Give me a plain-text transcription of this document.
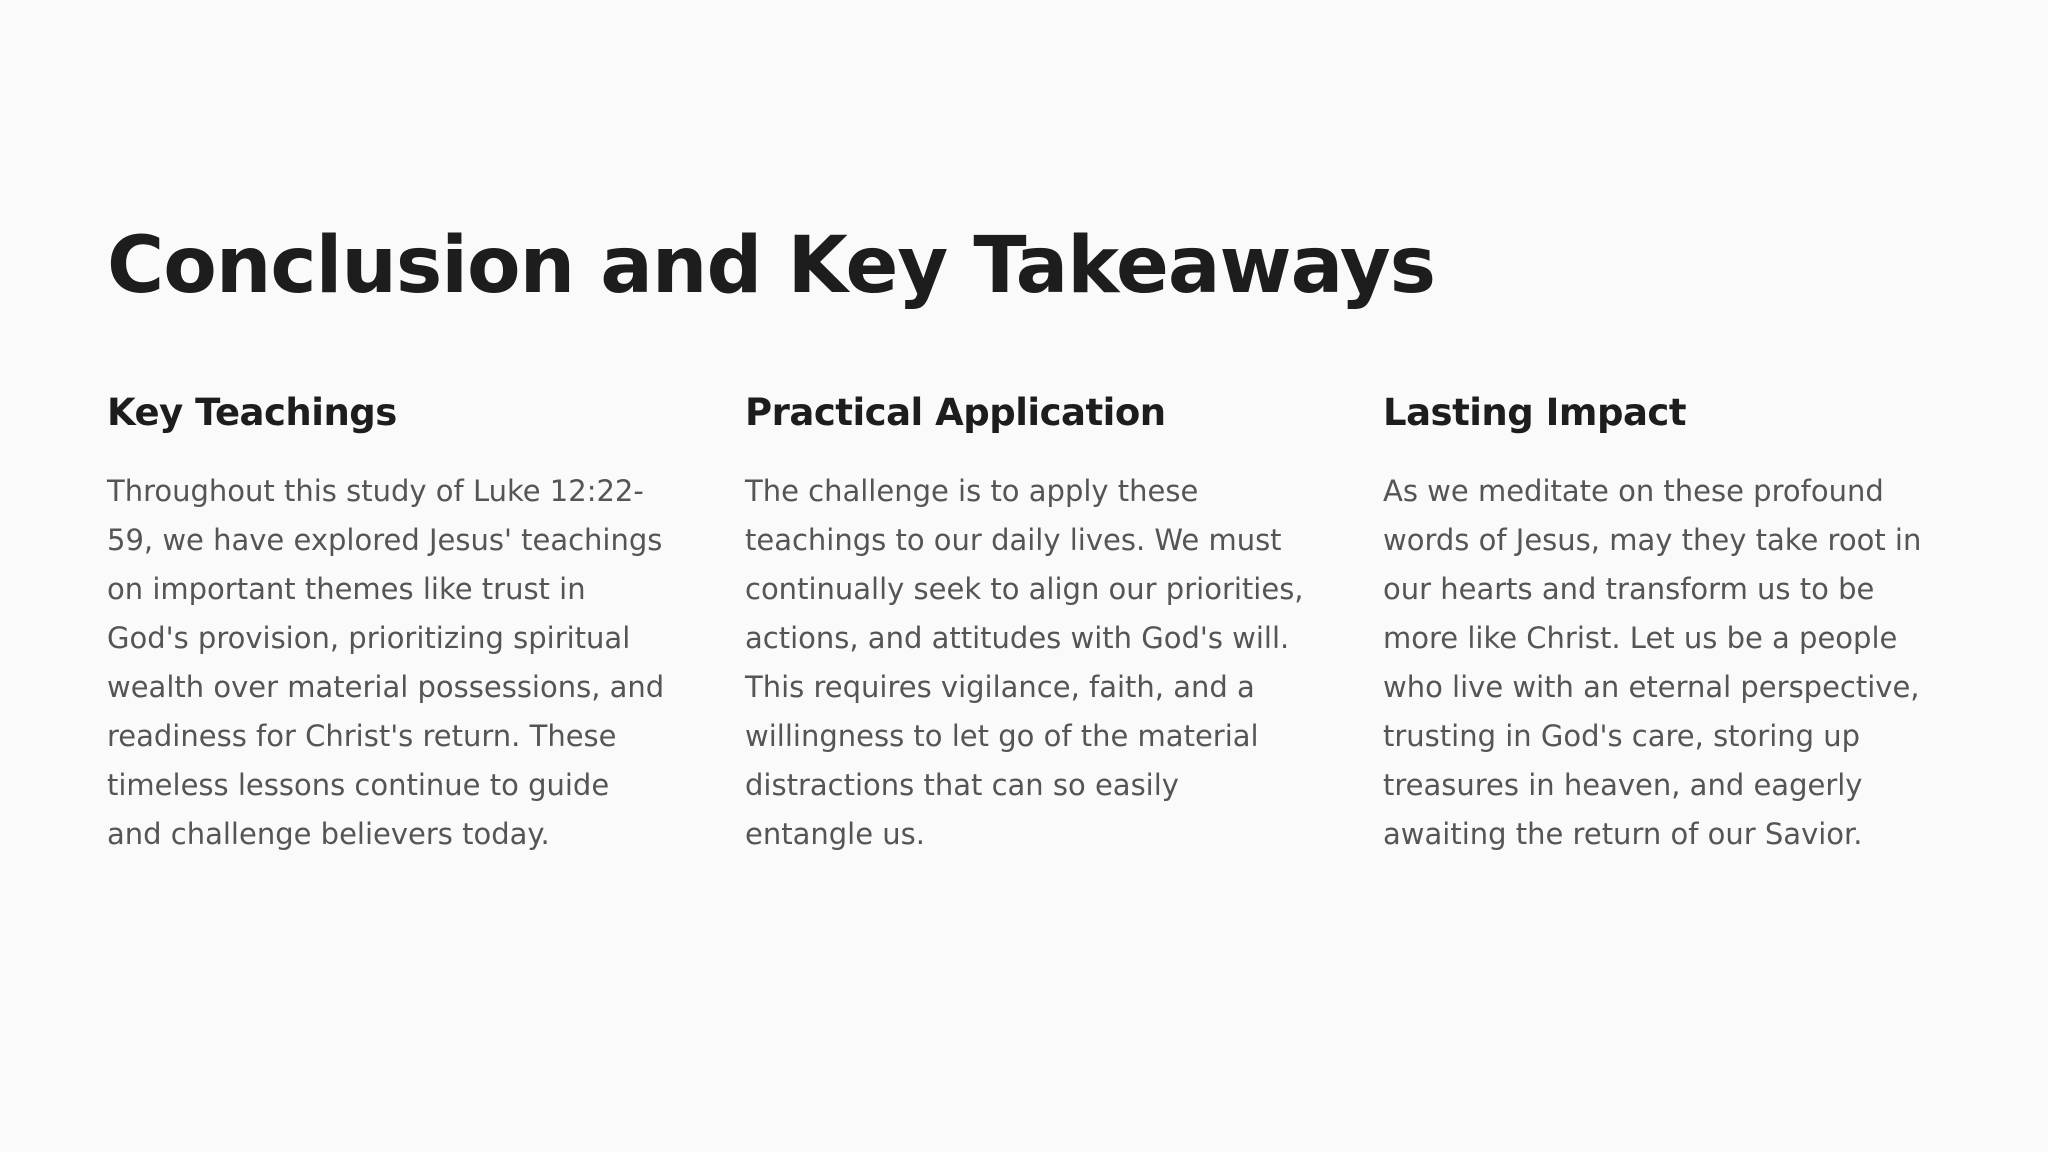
Conclusion and Key Takeaways
Key Teachings

Throughout this study of Luke 12:22-59, we have explored Jesus' teachings on important themes like trust in God's provision, prioritizing spiritual wealth over material possessions, and readiness for Christ's return. These timeless lessons continue to guide and challenge believers today.

Practical Application

The challenge is to apply these teachings to our daily lives. We must continually seek to align our priorities, actions, and attitudes with God's will. This requires vigilance, faith, and a willingness to let go of the material distractions that can so easily entangle us.

Lasting Impact

As we meditate on these profound words of Jesus, may they take root in our hearts and transform us to be more like Christ. Let us be a people who live with an eternal perspective, trusting in God's care, storing up treasures in heaven, and eagerly awaiting the return of our Savior.
